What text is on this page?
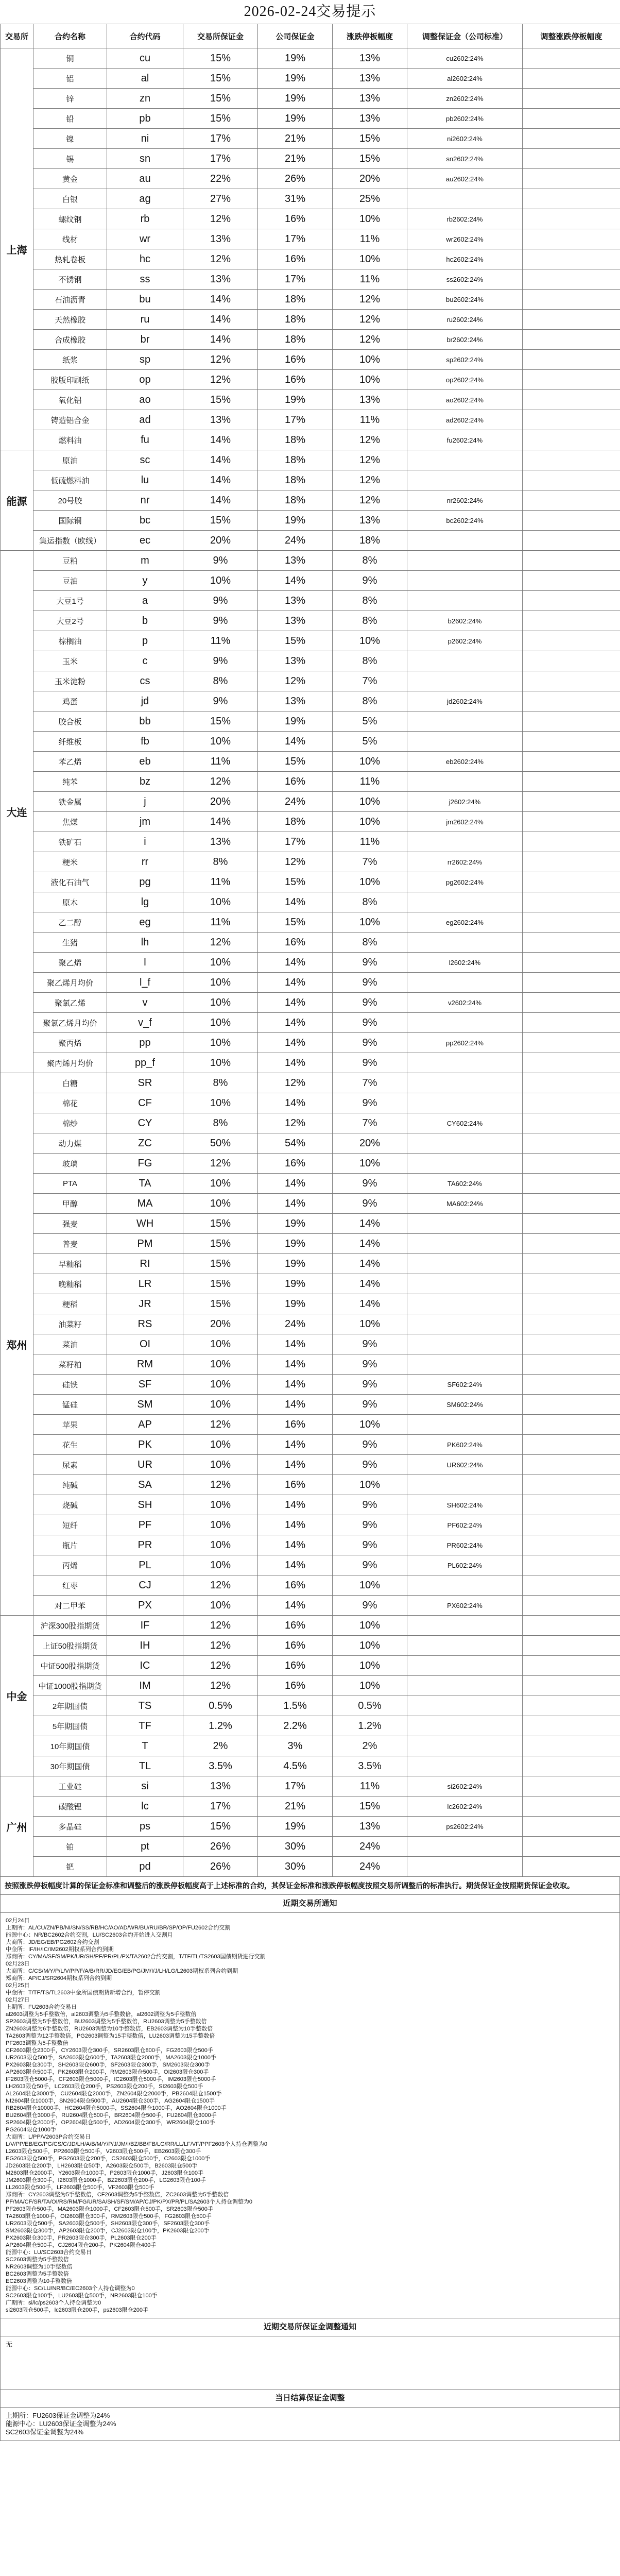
2026-02-24交易提示
交易所	合约名称	合约代码	交易所保证金	公司保证金	涨跌停板幅度	调整保证金（公司标准）	调整涨跌停板幅度
上海	铜	cu	15%	19%	13%	cu2602:24%	
	铝	al	15%	19%	13%	al2602:24%	
	锌	zn	15%	19%	13%	zn2602:24%	
	铅	pb	15%	19%	13%	pb2602:24%	
	镍	ni	17%	21%	15%	ni2602:24%	
	锡	sn	17%	21%	15%	sn2602:24%	
	黄金	au	22%	26%	20%	au2602:24%	
	白银	ag	27%	31%	25%		
	螺纹钢	rb	12%	16%	10%	rb2602:24%	
	线材	wr	13%	17%	11%	wr2602:24%	
	热轧卷板	hc	12%	16%	10%	hc2602:24%	
	不锈钢	ss	13%	17%	11%	ss2602:24%	
	石油沥青	bu	14%	18%	12%	bu2602:24%	
	天然橡胶	ru	14%	18%	12%	ru2602:24%	
	合成橡胶	br	14%	18%	12%	br2602:24%	
	纸浆	sp	12%	16%	10%	sp2602:24%	
	胶版印刷纸	op	12%	16%	10%	op2602:24%	
	氧化铝	ao	15%	19%	13%	ao2602:24%	
	铸造铝合金	ad	13%	17%	11%	ad2602:24%	
	燃料油	fu	14%	18%	12%	fu2602:24%	
能源	原油	sc	14%	18%	12%		
	低硫燃料油	lu	14%	18%	12%		
	20号胶	nr	14%	18%	12%	nr2602:24%	
	国际铜	bc	15%	19%	13%	bc2602:24%	
	集运指数（欧线）	ec	20%	24%	18%		
大连	豆粕	m	9%	13%	8%		
	豆油	y	10%	14%	9%		
	大豆1号	a	9%	13%	8%		
	大豆2号	b	9%	13%	8%	b2602:24%	
	棕榈油	p	11%	15%	10%	p2602:24%	
	玉米	c	9%	13%	8%		
	玉米淀粉	cs	8%	12%	7%		
	鸡蛋	jd	9%	13%	8%	jd2602:24%	
	胶合板	bb	15%	19%	5%		
	纤维板	fb	10%	14%	5%		
	苯乙烯	eb	11%	15%	10%	eb2602:24%	
	纯苯	bz	12%	16%	11%		
	铁金属	j	20%	24%	10%	j2602:24%	
	焦煤	jm	14%	18%	10%	jm2602:24%	
	铁矿石	i	13%	17%	11%		
	粳米	rr	8%	12%	7%	rr2602:24%	
	液化石油气	pg	11%	15%	10%	pg2602:24%	
	原木	lg	10%	14%	8%		
	乙二醇	eg	11%	15%	10%	eg2602:24%	
	生猪	lh	12%	16%	8%		
	聚乙烯	l	10%	14%	9%	l2602:24%	
	聚乙烯月均价	l_f	10%	14%	9%		
	聚氯乙烯	v	10%	14%	9%	v2602:24%	
	聚氯乙烯月均价	v_f	10%	14%	9%		
	聚丙烯	pp	10%	14%	9%	pp2602:24%	
	聚丙烯月均价	pp_f	10%	14%	9%		
郑州	白糖	SR	8%	12%	7%		
	棉花	CF	10%	14%	9%		
	棉纱	CY	8%	12%	7%	CY602:24%	
	动力煤	ZC	50%	54%	20%		
	玻璃	FG	12%	16%	10%		
	PTA	TA	10%	14%	9%	TA602:24%	
	甲醇	MA	10%	14%	9%	MA602:24%	
	强麦	WH	15%	19%	14%		
	普麦	PM	15%	19%	14%		
	早籼稻	RI	15%	19%	14%		
	晚籼稻	LR	15%	19%	14%		
	粳稻	JR	15%	19%	14%		
	油菜籽	RS	20%	24%	10%		
	菜油	OI	10%	14%	9%		
	菜籽粕	RM	10%	14%	9%		
	硅铁	SF	10%	14%	9%	SF602:24%	
	锰硅	SM	10%	14%	9%	SM602:24%	
	苹果	AP	12%	16%	10%		
	花生	PK	10%	14%	9%	PK602:24%	
	尿素	UR	10%	14%	9%	UR602:24%	
	纯碱	SA	12%	16%	10%		
	烧碱	SH	10%	14%	9%	SH602:24%	
	短纤	PF	10%	14%	9%	PF602:24%	
	瓶片	PR	10%	14%	9%	PR602:24%	
	丙烯	PL	10%	14%	9%	PL602:24%	
	红枣	CJ	12%	16%	10%		
	对二甲苯	PX	10%	14%	9%	PX602:24%	
中金	沪深300股指期货	IF	12%	16%	10%		
	上证50股指期货	IH	12%	16%	10%		
	中证500股指期货	IC	12%	16%	10%		
	中证1000股指期货	IM	12%	16%	10%		
	2年期国债	TS	0.5%	1.5%	0.5%		
	5年期国债	TF	1.2%	2.2%	1.2%		
	10年期国债	T	2%	3%	2%		
	30年期国债	TL	3.5%	4.5%	3.5%		
广州	工业硅	si	13%	17%	11%	si2602:24%	
	碳酸锂	lc	17%	21%	15%	lc2602:24%	
	多晶硅	ps	15%	19%	13%	ps2602:24%	
	铂	pt	26%	30%	24%		
	钯	pd	26%	30%	24%		
按照涨跌停板幅度计算的保证金标准和调整后的涨跌停板幅度高于上述标准的合约，其保证金标准和涨跌停板幅度按照交易所调整后的标准执行。期货保证金按照期货保证金收取。
近期交易所通知

02月24日
上期所：AL/CU/ZN/PB/NI/SN/SS/RB/HC/AO/AD/WR/BU/RU/BR/SP/OP/FU2602合约交割
能源中心：NR/BC2602合约交割，LU/SC2603合约开始进入交割月
大商所：JD/EG/EB/PG2602合约交割
中金所：IF/IH/IC/IM2602期权系列合约到期
郑商所：CY/MA/SF/SM/PK/UR/SH/PF/PR/PL/PX/TA2602合约交割，T/TF/TL/TS2603国债期货进行交割

02月23日
大商所：C/CS/M/Y/P/L/V/PP/F/A/B/RR/JD/EG/EB/PG/JM/I/J/LH/LG/L2603期权系列合约到期
郑商所：AP/CJ/SR2604期权系列合约到期

02月25日
中金所：T/TF/TS/TL2603中金所国债期货新增合约，暂停交割

02月27日
上期所：FU2603合约交易日
al2603调整为5手整数倍，al2603调整为5手整数倍，al2602调整为5手整数倍
SP2603调整为5手整数倍，BU2603调整为5手整数倍，RU2603调整为5手整数倍
ZN2603调整为6手整数倍，RU2603调整为10手整数倍，EB2603调整为10手整数倍
TA2603调整为12手整数倍，PG2603调整为15手整数倍，LU2603调整为15手整数倍
PF2603调整为5手整数倍
CF2603限仓2300手，CY2603限仓300手，SR2603限仓800手，FG2603限仓500手
UR2603限仓500手，SA2603限仓600手，TA2603限仓2000手，MA2603限仓1000手
PX2603限仓300手，SH2603限仓600手，SF2603限仓300手，SM2603限仓300手
AP2603限仓500手，PK2603限仓200手，RM2603限仓500手，OI2603限仓300手
IF2603限仓5000手，CF2603限仓5000手，IC2603限仓5000手，IM2603限仓5000手
LH2603限仓50手，LC2603限仓200手，PS2603限仓200手，SI2603限仓500手

AL2604限仓3000手，CU2604限仓2000手，ZN2604限仓2000手，PB2604限仓1500手
NI2604限仓1000手，SN2604限仓500手，AU2604限仓300手，AG2604限仓1500手
RB2604限仓10000手，HC2604限仓5000手，SS2604限仓1000手，AO2604限仓1000手
BU2604限仓3000手，RU2604限仓500手，BR2604限仓500手，FU2604限仓3000手
SP2604限仓2000手，OP2604限仓500手，AD2604限仓300手，WR2604限仓100手
PG2604限仓1000手

大商所：L/PP/V2603P合约交易日
L/V/PP/EB/EG/PG/CS/C/JD/LH/A/B/M/Y/P/J/JM/I/BZ/BB/FB/LG/RR/LL/LF/VF/PPF2603个人持仓调整为0
L2603限仓500手，PP2603限仓500手，V2603限仓500手，EB2603限仓300手
EG2603限仓500手，PG2603限仓200手，CS2603限仓500手，C2603限仓1000手
JD2603限仓200手，LH2603限仓50手，A2603限仓500手，B2603限仓500手
M2603限仓2000手，Y2603限仓1000手，P2603限仓1000手，J2603限仓100手
JM2603限仓300手，I2603限仓1000手，BZ2603限仓200手，LG2603限仓100手
LL2603限仓500手，LF2603限仓500手，VF2603限仓500手

郑商所：CY2603调整为5手整数倍，CF2603调整为5手整数倍，ZC2603调整为5手整数倍
PF/MA/CF/SR/TA/OI/RS/RM/FG/UR/SA/SH/SF/SM/AP/CJ/PK/PX/PR/PL/SA2603个人持仓调整为0
PF2603限仓500手，MA2603限仓1000手，CF2603限仓500手，SR2603限仓500手
TA2603限仓1000手，OI2603限仓300手，RM2603限仓500手，FG2603限仓500手
UR2603限仓500手，SA2603限仓500手，SH2603限仓300手，SF2603限仓300手
SM2603限仓300手，AP2603限仓200手，CJ2603限仓100手，PK2603限仓200手
PX2603限仓300手，PR2603限仓300手，PL2603限仓200手
AP2604限仓500手，CJ2604限仓200手，PK2604限仓400手

能源中心：LU/SC2603合约交易日
SC2603调整为5手整数倍
NR2603调整为10手整数倍
BC2603调整为5手整数倍
EC2603调整为10手整数倍
能源中心：SC/LU/NR/BC/EC2603个人持仓调整为0
SC2603限仓100手，LU2603限仓500手，NR2603限仓100手
广期所：si/lc/ps2603个人持仓调整为0
si2603限仓500手，lc2603限仓200手，ps2603限仓200手

近期交易所保证金调整通知

无

当日结算保证金调整

上期所：FU2603保证金调整为24%

能源中心：LU2603保证金调整为24%

SC2603保证金调整为24%
